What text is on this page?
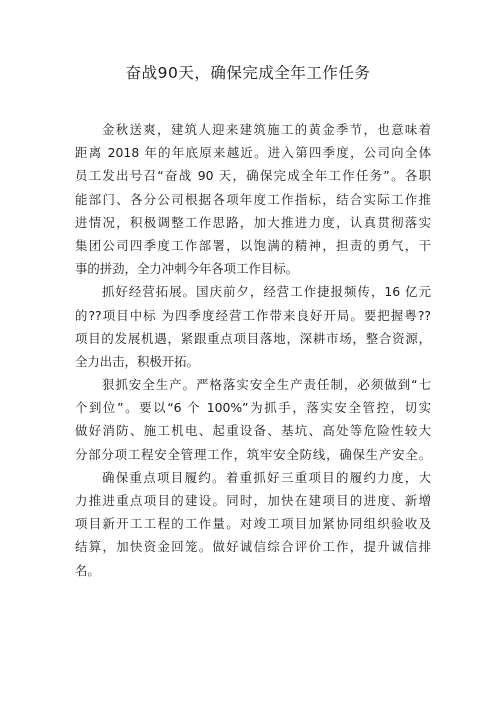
奋战90天，确保完成全年工作任务
金秋送爽，建筑人迎来建筑施工的黄金季节，也意味着
距离 2018 年的年底原来越近。进入第四季度，公司向全体
员工发出号召“奋战 90 天，确保完成全年工作任务”。各职
能部门、各分公司根据各项年度工作指标，结合实际工作推
进情况，积极调整工作思路，加大推进力度，认真贯彻落实
集团公司四季度工作部署，以饱满的精神，担责的勇气，干
事的拼劲，全力冲刺今年各项工作目标。
抓好经营拓展。国庆前夕，经营工作捷报频传，16 亿元
的??项目中标 为四季度经营工作带来良好开局。要把握粤??
项目的发展机遇，紧跟重点项目落地，深耕市场，整合资源，
全力出击，积极开拓。
狠抓安全生产。严格落实安全生产责任制，必须做到“七
个到位”。要以“6 个 100%”为抓手，落实安全管控，切实
做好消防、施工机电、起重设备、基坑、高处等危险性较大
分部分项工程安全管理工作，筑牢安全防线，确保生产安全。
确保重点项目履约。着重抓好三重项目的履约力度，大
力推进重点项目的建设。同时，加快在建项目的进度、新增
项目新开工工程的工作量。对竣工项目加紧协同组织验收及
结算，加快资金回笼。做好诚信综合评价工作，提升诚信排
名。
